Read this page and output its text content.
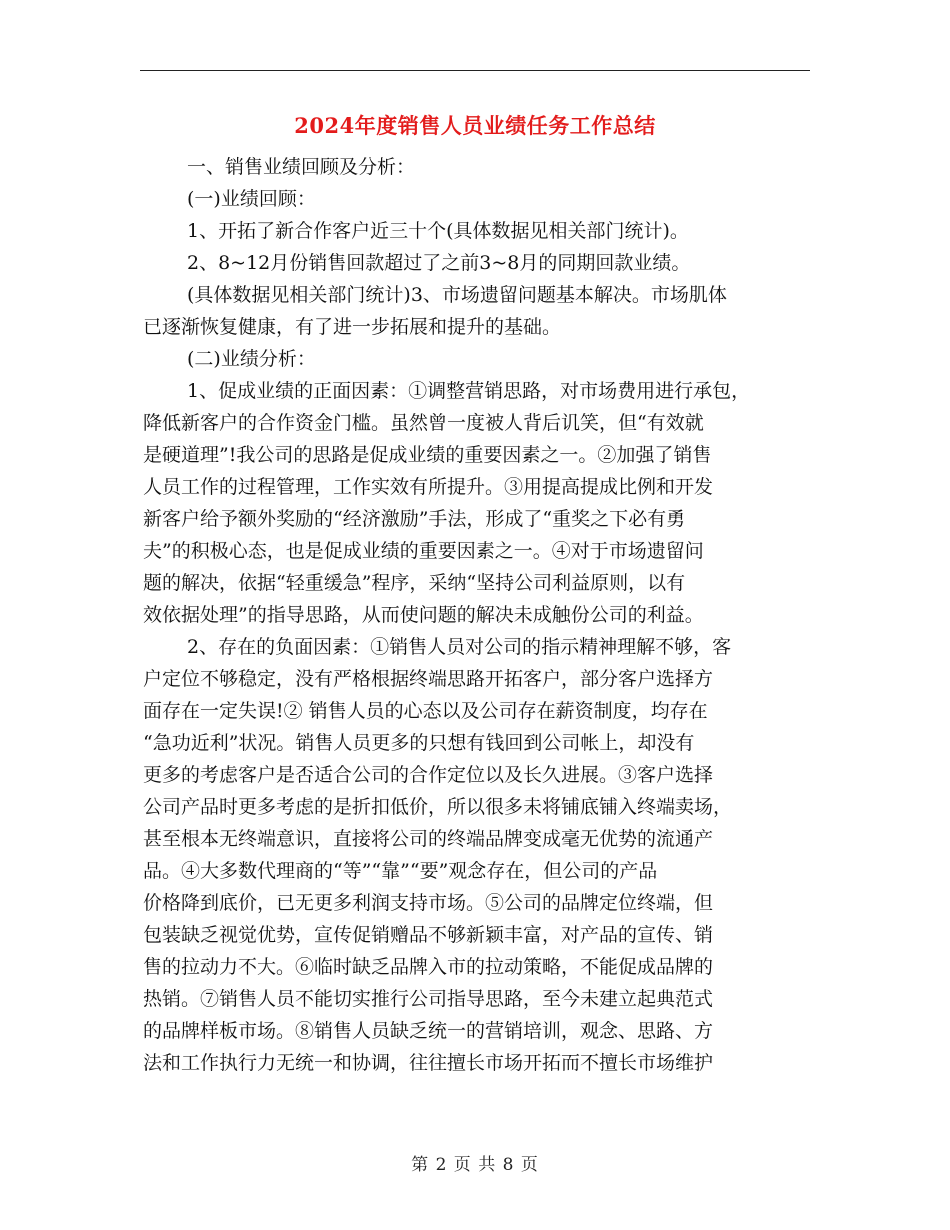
2024年度销售人员业绩任务工作总结
一、销售业绩回顾及分析：
(一)业绩回顾：
1、开拓了新合作客户近三十个(具体数据见相关部门统计)。
2、8~12月份销售回款超过了之前3~8月的同期回款业绩。
(具体数据见相关部门统计)3、市场遗留问题基本解决。市场肌体
已逐渐恢复健康，有了进一步拓展和提升的基础。
(二)业绩分析：
1、促成业绩的正面因素：①调整营销思路，对市场费用进行承包，
降低新客户的合作资金门槛。虽然曾一度被人背后讥笑，但“有效就
是硬道理”!我公司的思路是促成业绩的重要因素之一。②加强了销售
人员工作的过程管理，工作实效有所提升。③用提高提成比例和开发
新客户给予额外奖励的“经济激励”手法，形成了“重奖之下必有勇
夫”的积极心态，也是促成业绩的重要因素之一。④对于市场遗留问
题的解决，依据“轻重缓急”程序，采纳“坚持公司利益原则，以有
效依据处理”的指导思路，从而使问题的解决未成触份公司的利益。
2、存在的负面因素：①销售人员对公司的指示精神理解不够，客
户定位不够稳定，没有严格根据终端思路开拓客户，部分客户选择方
面存在一定失误!② 销售人员的心态以及公司存在薪资制度，均存在
“急功近利”状况。销售人员更多的只想有钱回到公司帐上，却没有
更多的考虑客户是否适合公司的合作定位以及长久进展。③客户选择
公司产品时更多考虑的是折扣低价，所以很多未将铺底铺入终端卖场，
甚至根本无终端意识，直接将公司的终端品牌变成毫无优势的流通产
品。④大多数代理商的“等”“靠”“要”观念存在，但公司的产品
价格降到底价，已无更多利润支持市场。⑤公司的品牌定位终端，但
包装缺乏视觉优势，宣传促销赠品不够新颖丰富，对产品的宣传、销
售的拉动力不大。⑥临时缺乏品牌入市的拉动策略，不能促成品牌的
热销。⑦销售人员不能切实推行公司指导思路，至今未建立起典范式
的品牌样板市场。⑧销售人员缺乏统一的营销培训，观念、思路、方
法和工作执行力无统一和协调，往往擅长市场开拓而不擅长市场维护
第 2 页 共 8 页
